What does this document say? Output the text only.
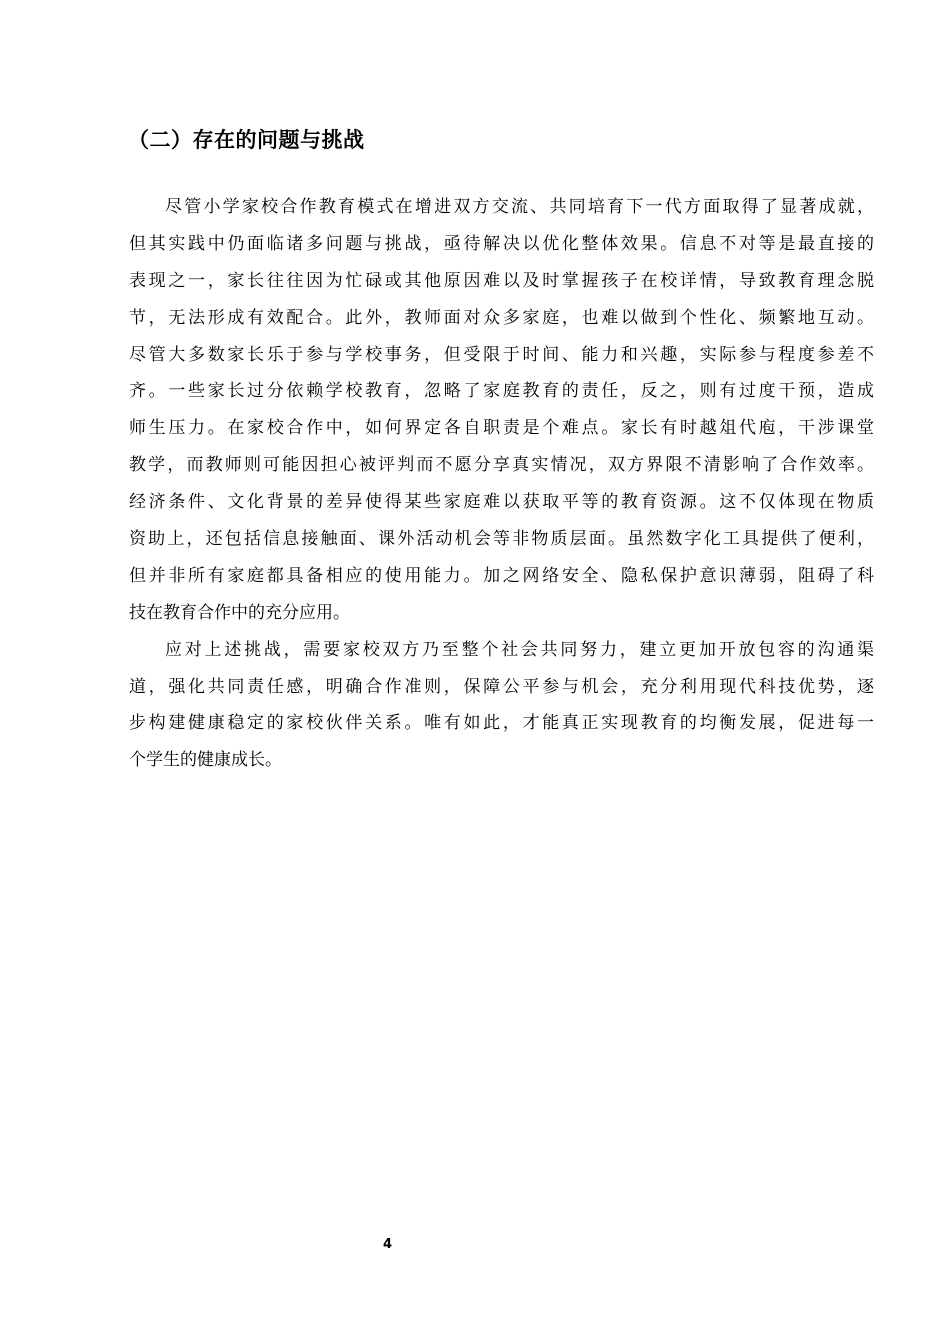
（二）存在的问题与挑战
尽管小学家校合作教育模式在增进双方交流、共同培育下一代方面取得了显著成就，
但其实践中仍面临诸多问题与挑战，亟待解决以优化整体效果。信息不对等是最直接的
表现之一，家长往往因为忙碌或其他原因难以及时掌握孩子在校详情，导致教育理念脱
节，无法形成有效配合。此外，教师面对众多家庭，也难以做到个性化、频繁地互动。
尽管大多数家长乐于参与学校事务，但受限于时间、能力和兴趣，实际参与程度参差不
齐。一些家长过分依赖学校教育，忽略了家庭教育的责任，反之，则有过度干预，造成
师生压力。在家校合作中，如何界定各自职责是个难点。家长有时越俎代庖，干涉课堂
教学，而教师则可能因担心被评判而不愿分享真实情况，双方界限不清影响了合作效率。
经济条件、文化背景的差异使得某些家庭难以获取平等的教育资源。这不仅体现在物质
资助上，还包括信息接触面、课外活动机会等非物质层面。虽然数字化工具提供了便利，
但并非所有家庭都具备相应的使用能力。加之网络安全、隐私保护意识薄弱，阻碍了科
技在教育合作中的充分应用。
应对上述挑战，需要家校双方乃至整个社会共同努力，建立更加开放包容的沟通渠
道，强化共同责任感，明确合作准则，保障公平参与机会，充分利用现代科技优势，逐
步构建健康稳定的家校伙伴关系。唯有如此，才能真正实现教育的均衡发展，促进每一
个学生的健康成长。
4
